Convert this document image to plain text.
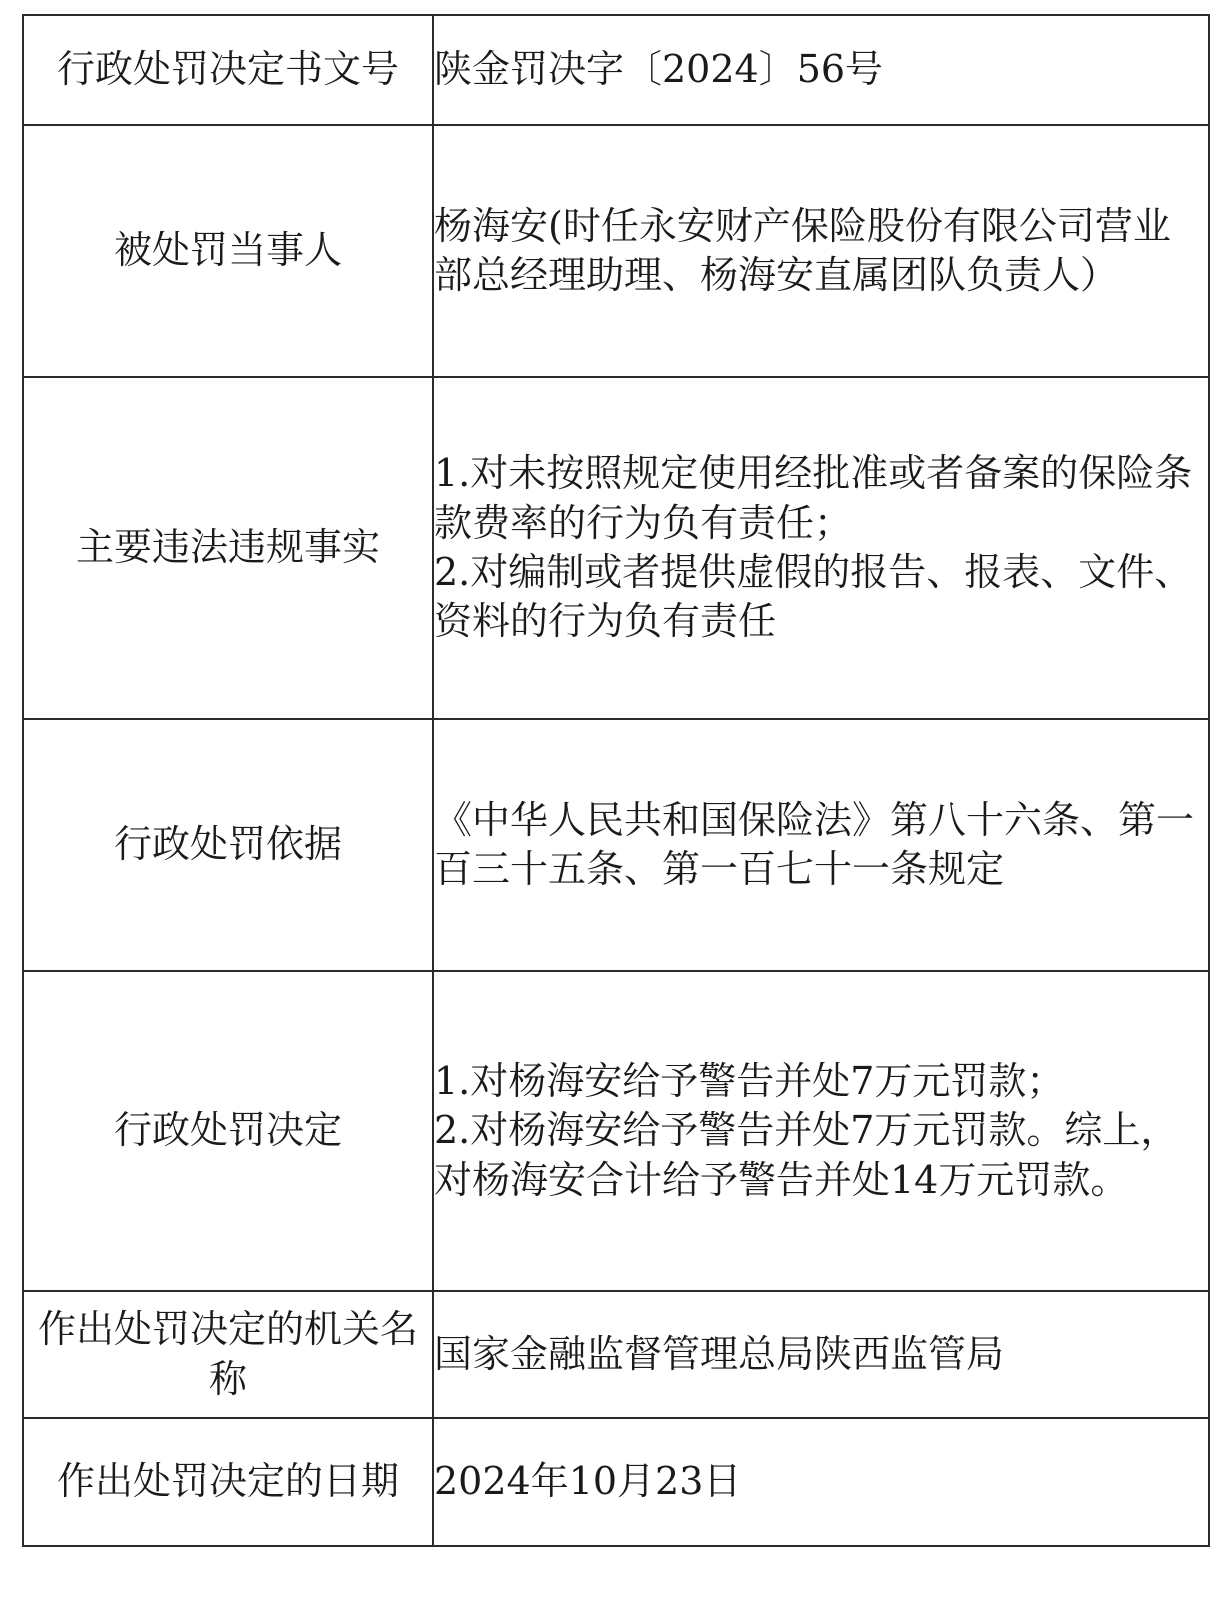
行政处罚决定书文号	陕金罚决字〔2024〕56号

被处罚当事人	杨海安(时任永安财产保险股份有限公司营业部总经理助理、杨海安直属团队负责人）

主要违法违规事实	1.对未按照规定使用经批准或者备案的保险条款费率的行为负有责任；
2.对编制或者提供虚假的报告、报表、文件、资料的行为负有责任

行政处罚依据	《中华人民共和国保险法》第八十六条、第一百三十五条、第一百七十一条规定

行政处罚决定	1.对杨海安给予警告并处7万元罚款；
2.对杨海安给予警告并处7万元罚款。综上，对杨海安合计给予警告并处14万元罚款。

作出处罚决定的机关名称	国家金融监督管理总局陕西监管局

作出处罚决定的日期	2024年10月23日
